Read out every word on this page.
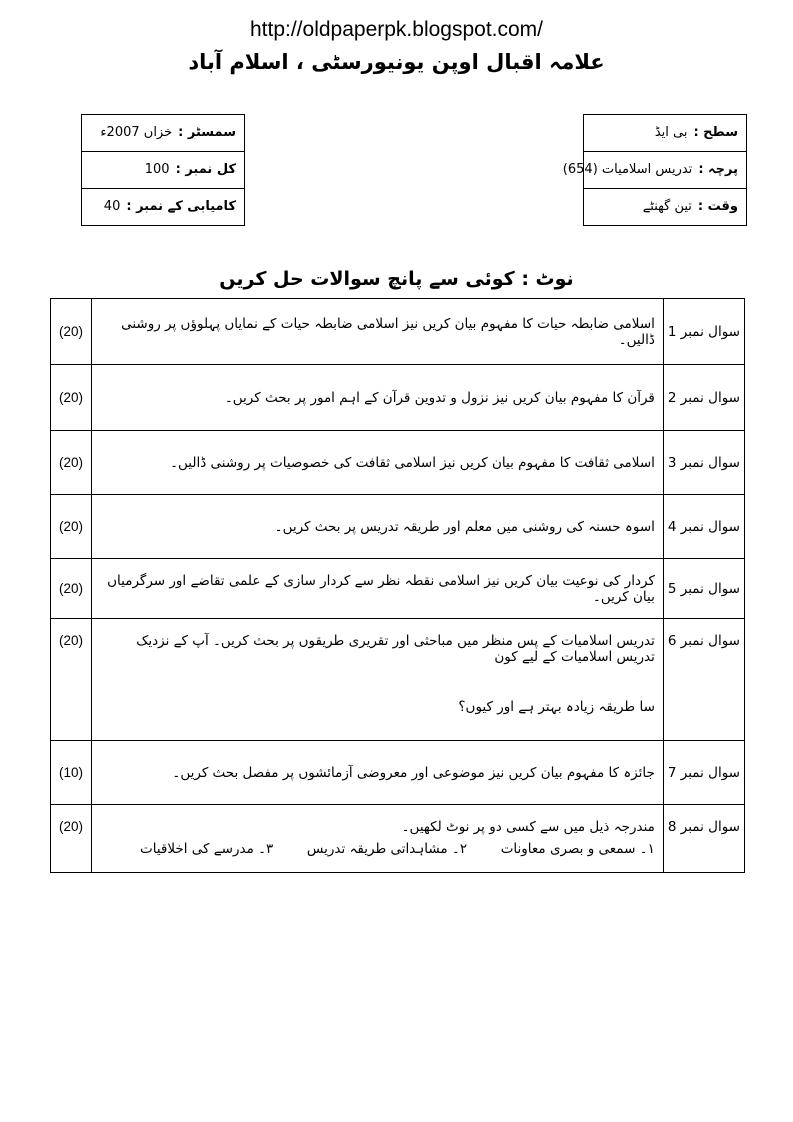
http://oldpaperpk.blogspot.com/
علامہ اقبال اوپن یونیورسٹی ، اسلام آباد
سطح :
بی ایڈ
پرچہ :
تدریس اسلامیات (654)
وقت :
تین گھنٹے
سمسٹر :
خزاں 2007ء
کل نمبر :
100
کامیابی کے نمبر :
40
نوٹ : کوئی سے پانچ سوالات حل کریں
سوال نمبر 1	اسلامی ضابطہ حیات کا مفہوم بیان کریں نیز اسلامی ضابطہ حیات کے نمایاں پہلوؤں پر روشنی ڈالیں۔	(20)
سوال نمبر 2	قرآن کا مفہوم بیان کریں نیز نزول و تدوین قرآن کے اہم امور پر بحث کریں۔	(20)
سوال نمبر 3	اسلامی ثقافت کا مفہوم بیان کریں نیز اسلامی ثقافت کی خصوصیات پر روشنی ڈالیں۔	(20)
سوال نمبر 4	اسوہ حسنہ کی روشنی میں معلم اور طریقہ تدریس پر بحث کریں۔	(20)
سوال نمبر 5	کردار کی نوعیت بیان کریں نیز اسلامی نقطہ نظر سے کردار سازی کے علمی تقاضے اور سرگرمیاں بیان کریں۔	(20)
سوال نمبر 6	تدریس اسلامیات کے پس منظر میں مباحثی اور تقریری طریقوں پر بحث کریں۔ آپ کے نزدیک تدریس اسلامیات کے لیے کون
سا طریقہ زیادہ بہتر ہے اور کیوں؟	(20)
سوال نمبر 7	جائزہ کا مفہوم بیان کریں نیز موضوعی اور معروضی آزمائشوں پر مفصل بحث کریں۔	(10)
سوال نمبر 8	مندرجہ ذیل میں سے کسی دو پر نوٹ لکھیں۔
۱۔ سمعی و بصری معاونات
۲۔ مشاہداتی طریقہ تدریس
۳۔ مدرسے کی اخلاقیات	(20)
